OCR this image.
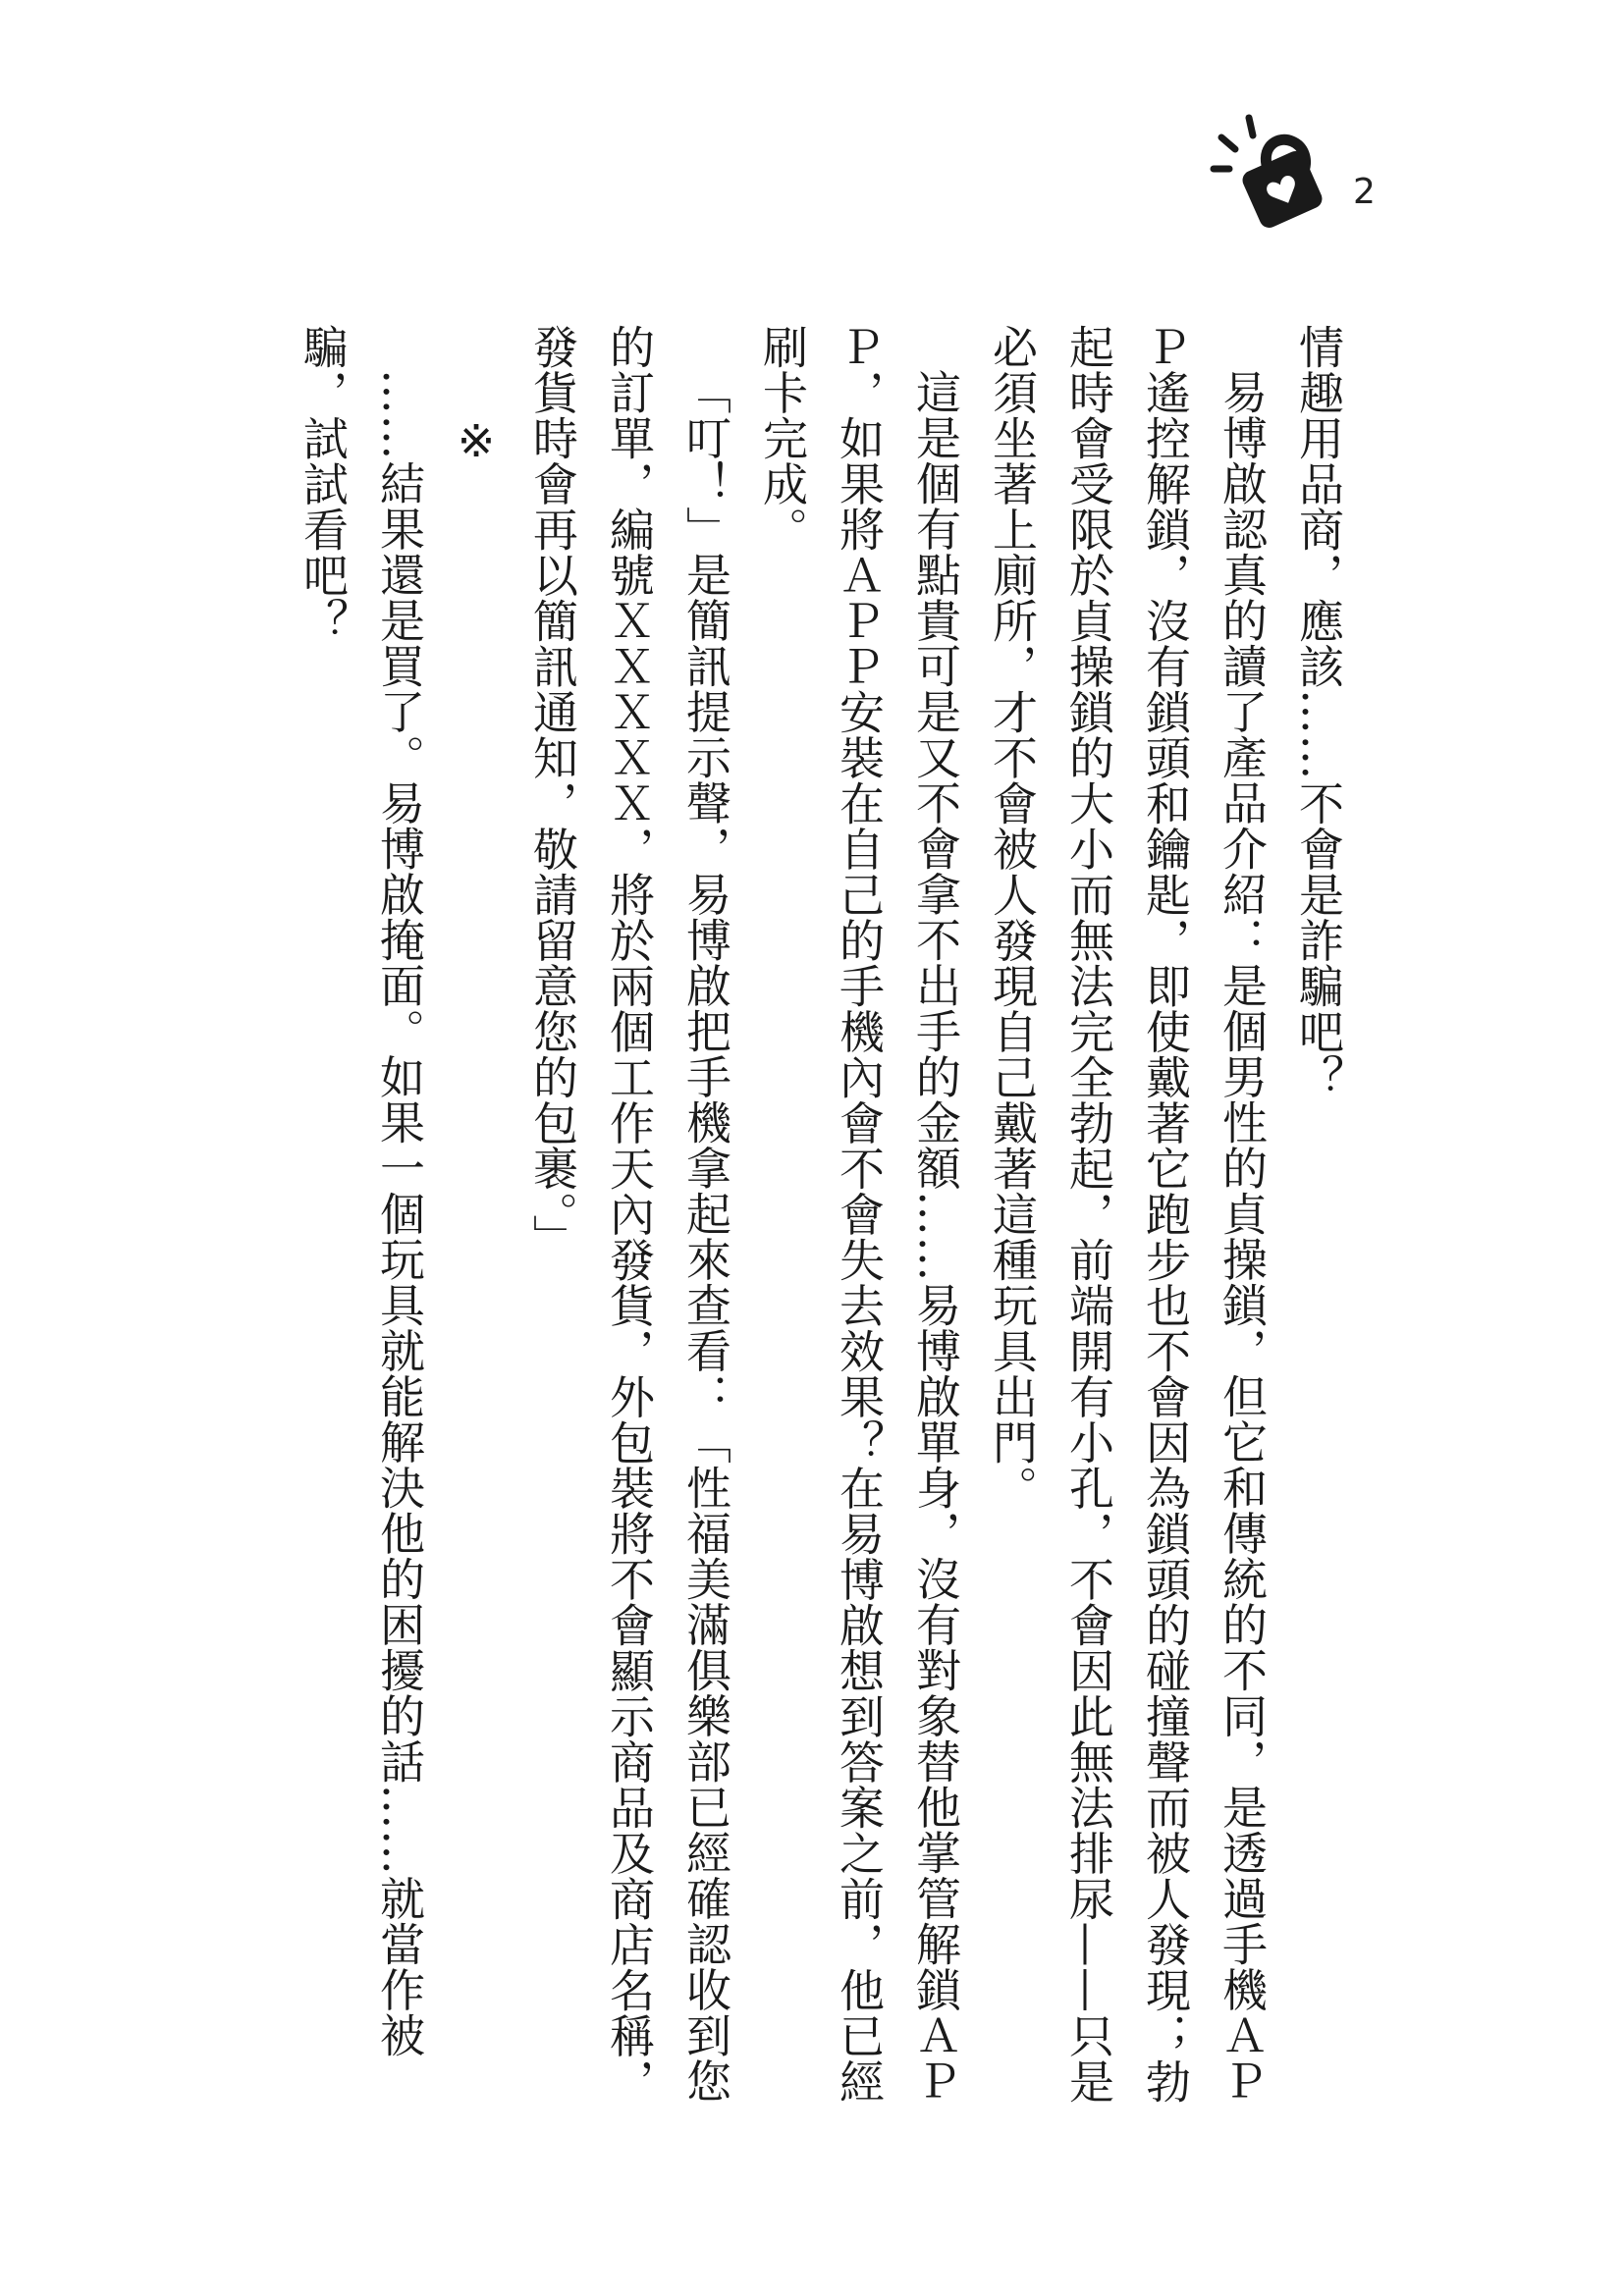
2

情趣用品商，應該……不會是詐騙吧？

易博啟認真的讀了產品介紹：是個男性的貞操鎖，但它和傳統的不同，是透過手機ＡＰＰ遙控解鎖，沒有鎖頭和鑰匙，即使戴著它跑步也不會因為鎖頭的碰撞聲而被人發現；勃起時會受限於貞操鎖的大小而無法完全勃起，前端開有小孔，不會因此無法排尿——只是必須坐著上廁所，才不會被人發現自己戴著這種玩具出門。

這是個有點貴可是又不會拿不出手的金額……易博啟單身，沒有對象替他掌管解鎖ＡＰＰ，如果將ＡＰＰ安裝在自己的手機內會不會失去效果？在易博啟想到答案之前，他已經刷卡完成。

「叮！」是簡訊提示聲，易博啟把手機拿起來查看：「性福美滿俱樂部已經確認收到您的訂單，編號ＸＸＸＸＸ，將於兩個工作天內發貨，外包裝將不會顯示商品及商店名稱，發貨時會再以簡訊通知，敬請留意您的包裹。」

※

……結果還是買了。易博啟掩面。如果一個玩具就能解決他的困擾的話……就當作被騙，試試看吧？
